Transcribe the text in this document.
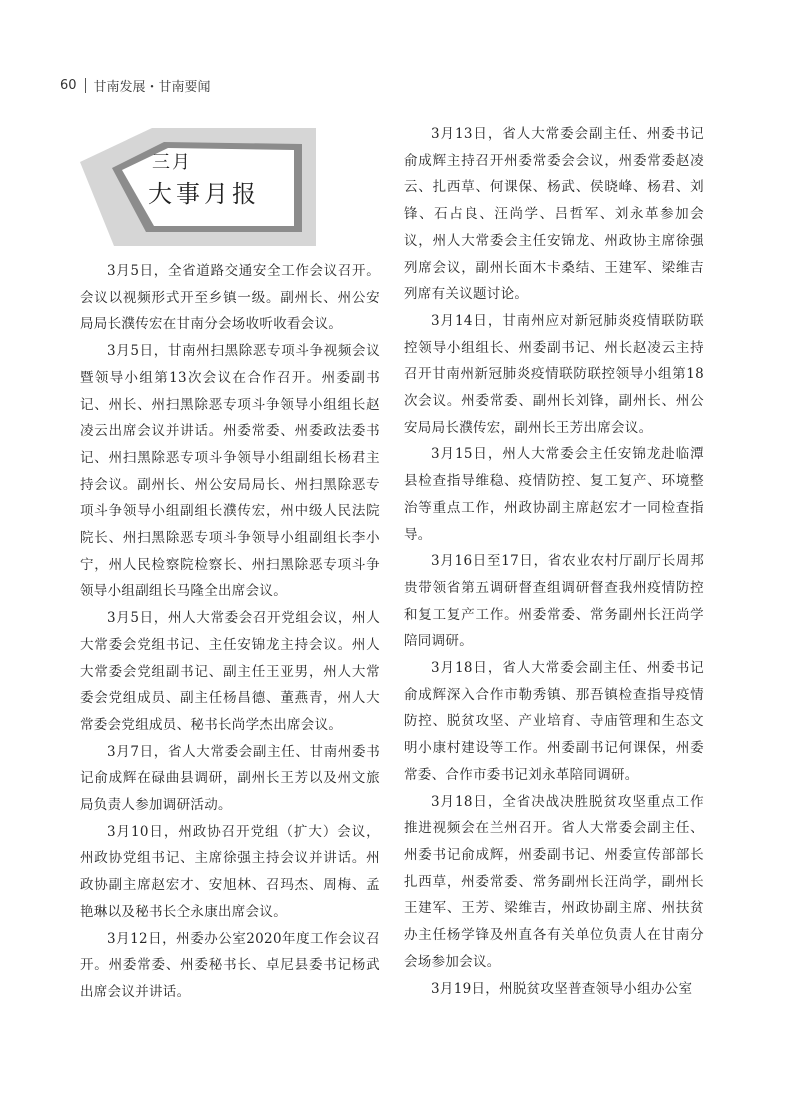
60 甘南发展・甘南要闻
三月
大事月报

3月5日，全省道路交通安全工作会议召开。会议以视频形式开至乡镇一级。副州长、州公安局局长濮传宏在甘南分会场收听收看会议。

3月5日，甘南州扫黑除恶专项斗争视频会议暨领导小组第13次会议在合作召开。州委副书记、州长、州扫黑除恶专项斗争领导小组组长赵凌云出席会议并讲话。州委常委、州委政法委书记、州扫黑除恶专项斗争领导小组副组长杨君主持会议。副州长、州公安局局长、州扫黑除恶专项斗争领导小组副组长濮传宏，州中级人民法院院长、州扫黑除恶专项斗争领导小组副组长李小宁，州人民检察院检察长、州扫黑除恶专项斗争领导小组副组长马隆全出席会议。

3月5日，州人大常委会召开党组会议，州人大常委会党组书记、主任安锦龙主持会议。州人大常委会党组副书记、副主任王亚男，州人大常委会党组成员、副主任杨昌德、董燕青，州人大常委会党组成员、秘书长尚学杰出席会议。

3月7日，省人大常委会副主任、甘南州委书记俞成辉在碌曲县调研，副州长王芳以及州文旅局负责人参加调研活动。

3月10日，州政协召开党组（扩大）会议，州政协党组书记、主席徐强主持会议并讲话。州政协副主席赵宏才、安旭林、召玛杰、周梅、孟艳琳以及秘书长仝永康出席会议。

3月12日，州委办公室2020年度工作会议召开。州委常委、州委秘书长、卓尼县委书记杨武出席会议并讲话。

3月13日，省人大常委会副主任、州委书记俞成辉主持召开州委常委会会议，州委常委赵凌云、扎西草、何课保、杨武、侯晓峰、杨君、刘锋、石占良、汪尚学、吕哲军、刘永革参加会议，州人大常委会主任安锦龙、州政协主席徐强列席会议，副州长面木卡桑结、王建军、梁维吉列席有关议题讨论。

3月14日，甘南州应对新冠肺炎疫情联防联控领导小组组长、州委副书记、州长赵凌云主持召开甘南州新冠肺炎疫情联防联控领导小组第18次会议。州委常委、副州长刘锋，副州长、州公安局局长濮传宏，副州长王芳出席会议。

3月15日，州人大常委会主任安锦龙赴临潭县检查指导维稳、疫情防控、复工复产、环境整治等重点工作，州政协副主席赵宏才一同检查指导。

3月16日至17日，省农业农村厅副厅长周邦贵带领省第五调研督查组调研督查我州疫情防控和复工复产工作。州委常委、常务副州长汪尚学陪同调研。

3月18日，省人大常委会副主任、州委书记俞成辉深入合作市勒秀镇、那吾镇检查指导疫情防控、脱贫攻坚、产业培育、寺庙管理和生态文明小康村建设等工作。州委副书记何课保，州委常委、合作市委书记刘永革陪同调研。

3月18日，全省决战决胜脱贫攻坚重点工作推进视频会在兰州召开。省人大常委会副主任、州委书记俞成辉，州委副书记、州委宣传部部长扎西草，州委常委、常务副州长汪尚学，副州长王建军、王芳、梁维吉，州政协副主席、州扶贫办主任杨学锋及州直各有关单位负责人在甘南分会场参加会议。

3月19日，州脱贫攻坚普查领导小组办公室
